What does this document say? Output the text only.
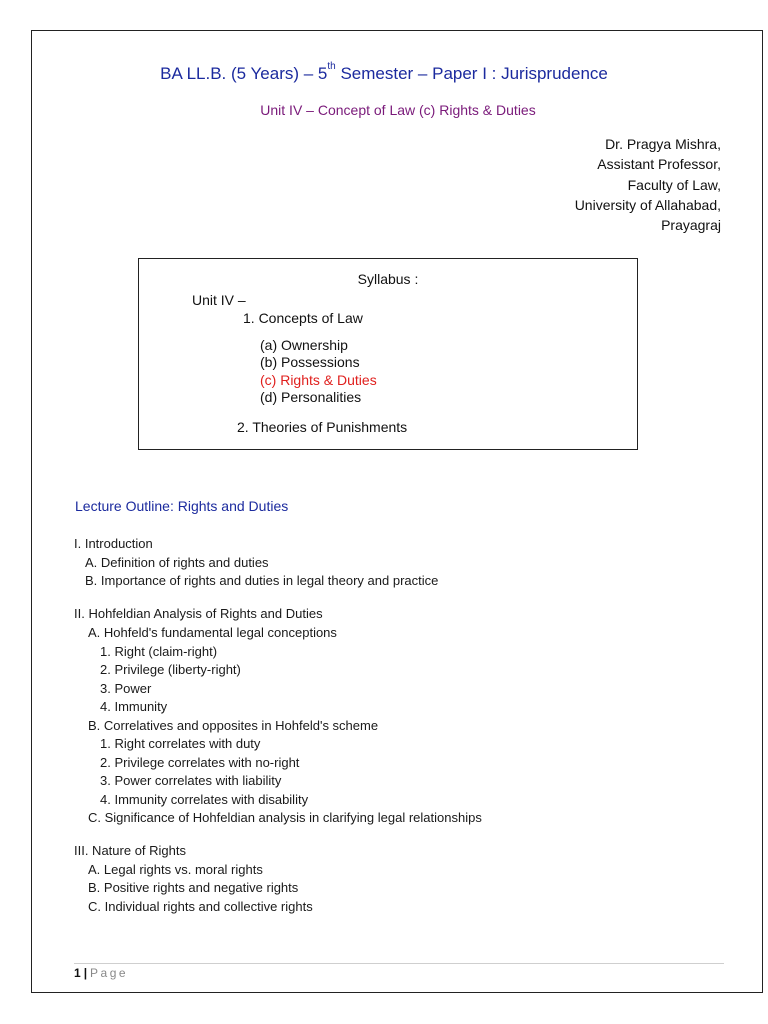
BA LL.B. (5 Years) – 5th Semester – Paper I : Jurisprudence
Unit IV – Concept of Law (c) Rights & Duties
Dr. Pragya Mishra,
Assistant Professor,
Faculty of Law,
University of Allahabad,
Prayagraj
Syllabus :
Unit IV –
1. Concepts of Law
(a) Ownership
(b) Possessions
(c) Rights & Duties
(d) Personalities
2. Theories of Punishments
Lecture Outline: Rights and Duties
I. Introduction
A. Definition of rights and duties
B. Importance of rights and duties in legal theory and practice
II. Hohfeldian Analysis of Rights and Duties
A. Hohfeld's fundamental legal conceptions
1. Right (claim-right)
2. Privilege (liberty-right)
3. Power
4. Immunity
B. Correlatives and opposites in Hohfeld's scheme
1. Right correlates with duty
2. Privilege correlates with no-right
3. Power correlates with liability
4. Immunity correlates with disability
C. Significance of Hohfeldian analysis in clarifying legal relationships
III. Nature of Rights
A. Legal rights vs. moral rights
B. Positive rights and negative rights
C. Individual rights and collective rights
1 | Page
